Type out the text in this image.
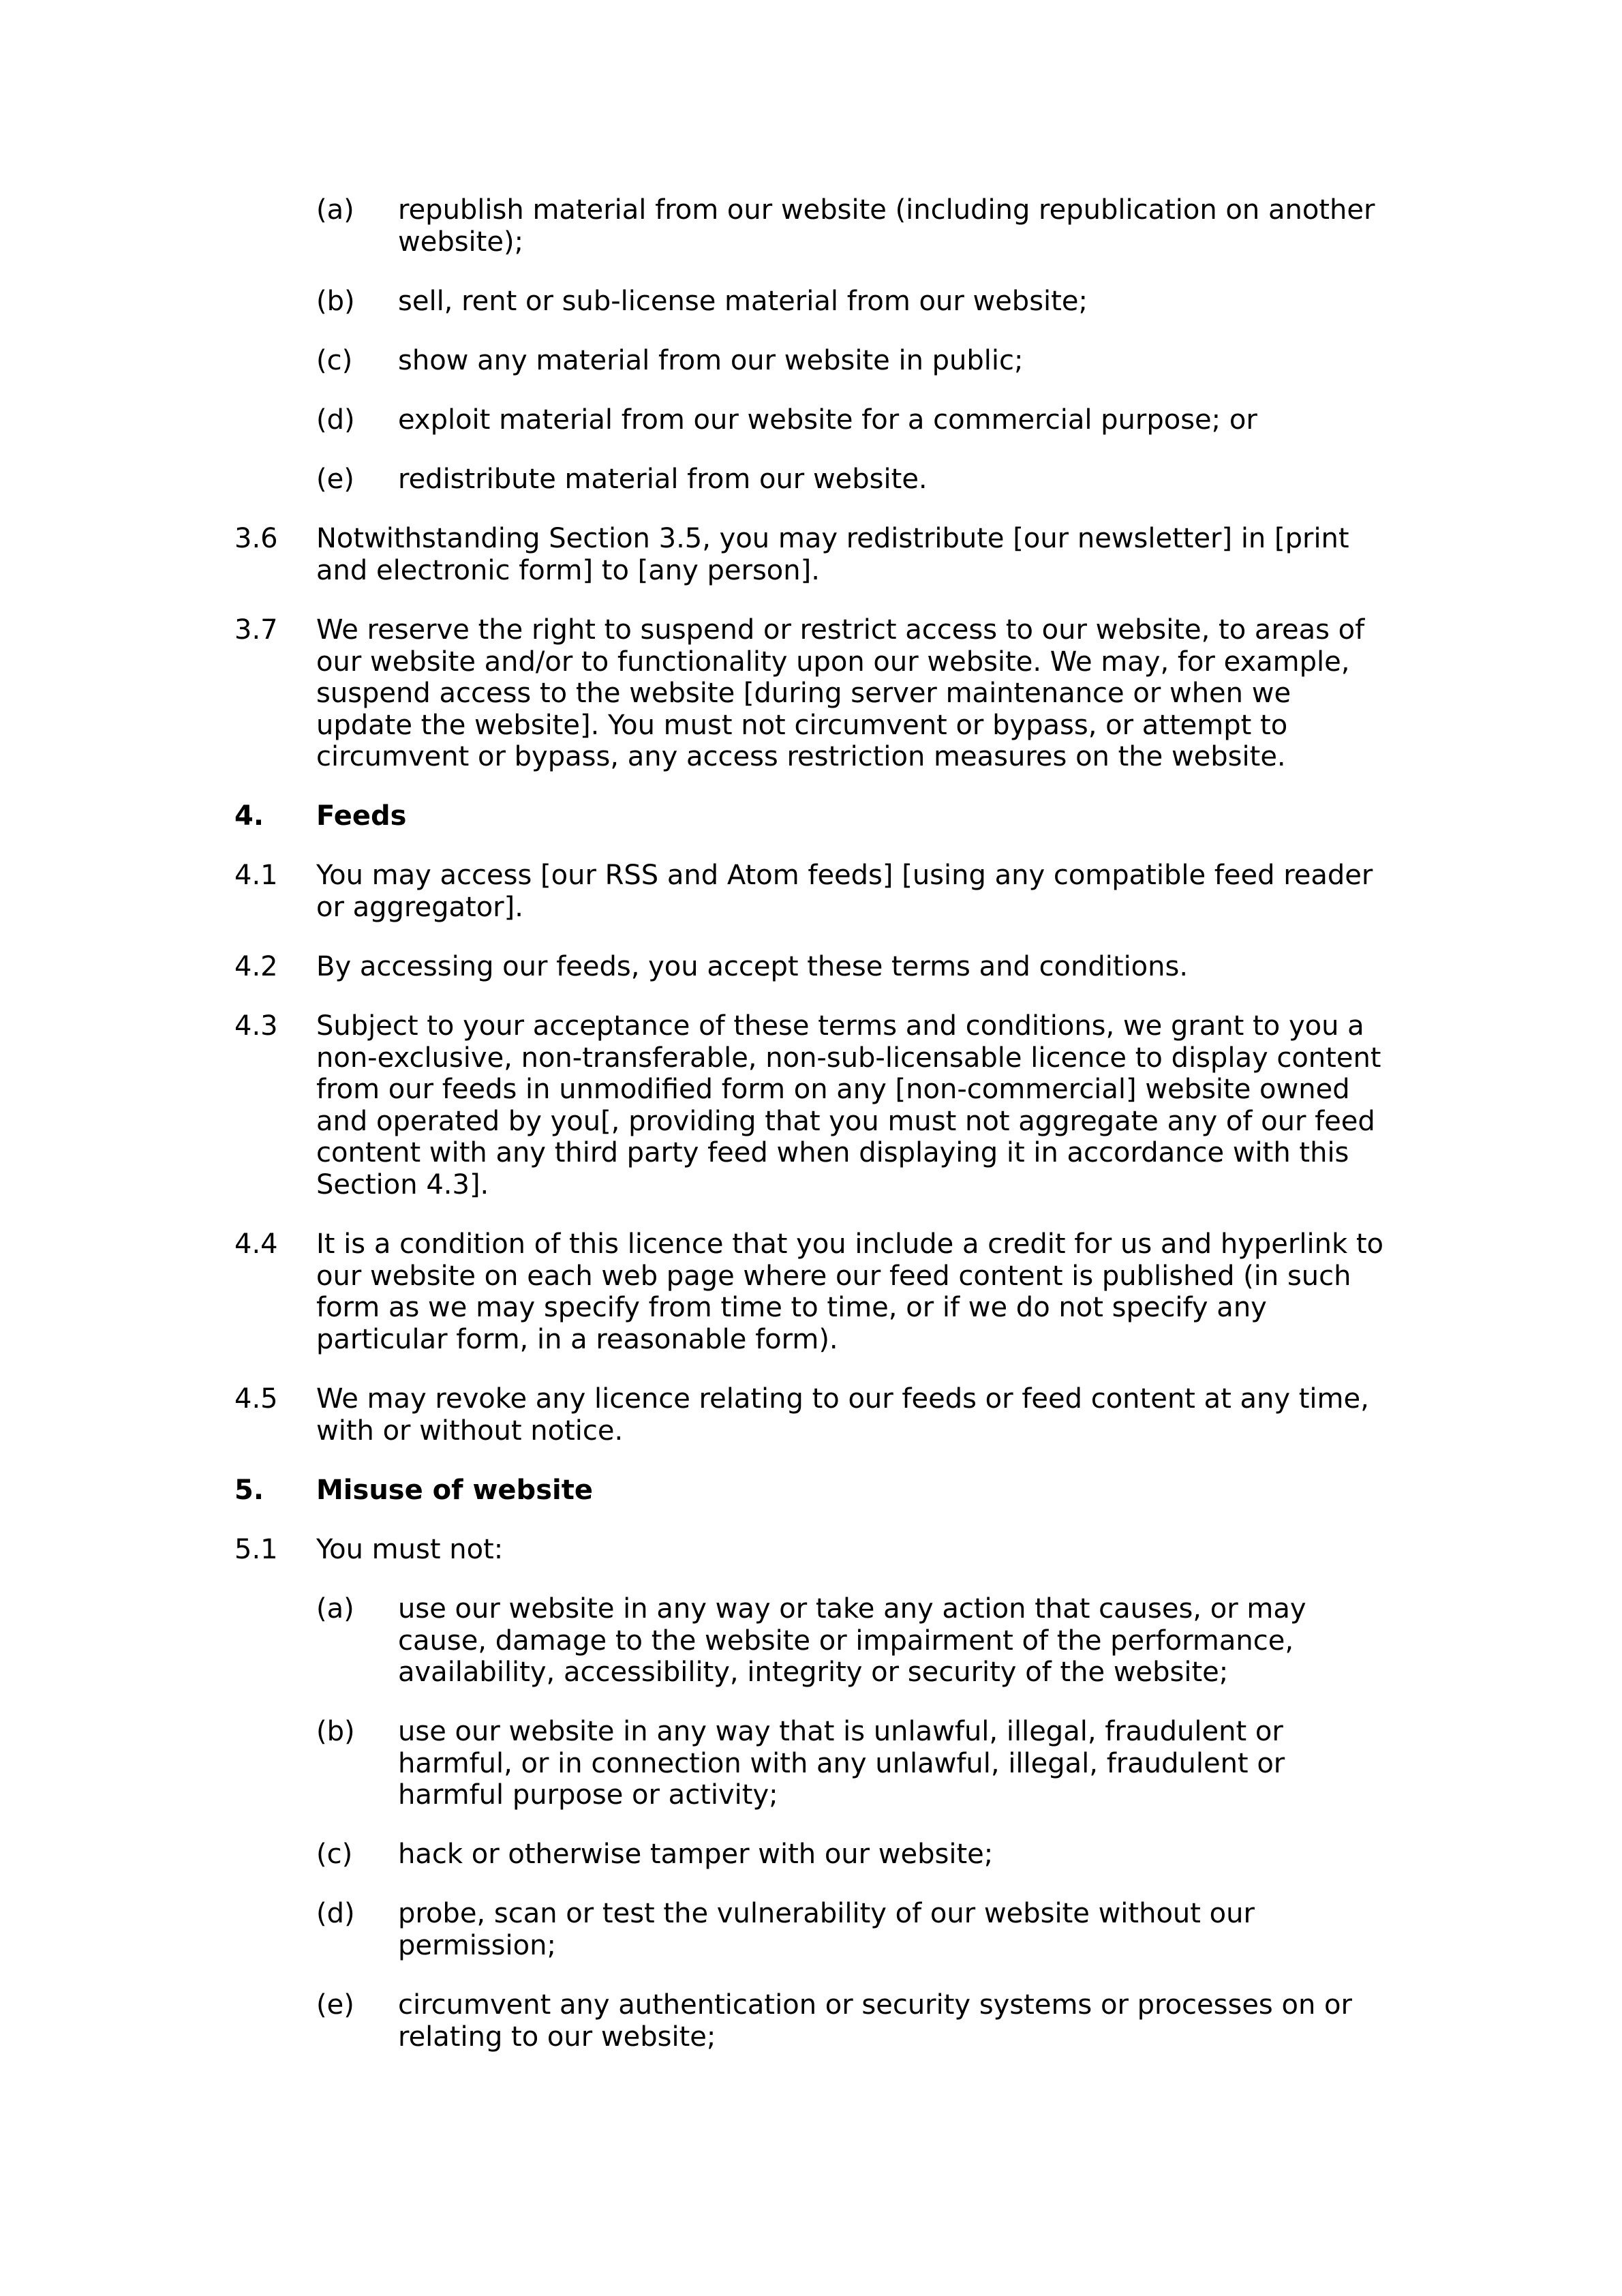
(a)	republish material from our website (including republication on another website);
(b)	sell, rent or sub-license material from our website;
(c)	show any material from our website in public;
(d)	exploit material from our website for a commercial purpose; or
(e)	redistribute material from our website.
3.6	Notwithstanding Section 3.5, you may redistribute [our newsletter] in [print and electronic form] to [any person].
3.7	We reserve the right to suspend or restrict access to our website, to areas of our website and/or to functionality upon our website. We may, for example, suspend access to the website [during server maintenance or when we update the website]. You must not circumvent or bypass, or attempt to circumvent or bypass, any access restriction measures on the website.
4.	Feeds
4.1	You may access [our RSS and Atom feeds] [using any compatible feed reader or aggregator].
4.2	By accessing our feeds, you accept these terms and conditions.
4.3	Subject to your acceptance of these terms and conditions, we grant to you a non-exclusive, non-transferable, non-sub-licensable licence to display content from our feeds in unmodified form on any [non-commercial] website owned and operated by you[, providing that you must not aggregate any of our feed content with any third party feed when displaying it in accordance with this Section 4.3].
4.4	It is a condition of this licence that you include a credit for us and hyperlink to our website on each web page where our feed content is published (in such form as we may specify from time to time, or if we do not specify any particular form, in a reasonable form).
4.5	We may revoke any licence relating to our feeds or feed content at any time, with or without notice.
5.	Misuse of website
5.1	You must not:
(a)	use our website in any way or take any action that causes, or may cause, damage to the website or impairment of the performance, availability, accessibility, integrity or security of the website;
(b)	use our website in any way that is unlawful, illegal, fraudulent or harmful, or in connection with any unlawful, illegal, fraudulent or harmful purpose or activity;
(c)	hack or otherwise tamper with our website;
(d)	probe, scan or test the vulnerability of our website without our permission;
(e)	circumvent any authentication or security systems or processes on or relating to our website;
